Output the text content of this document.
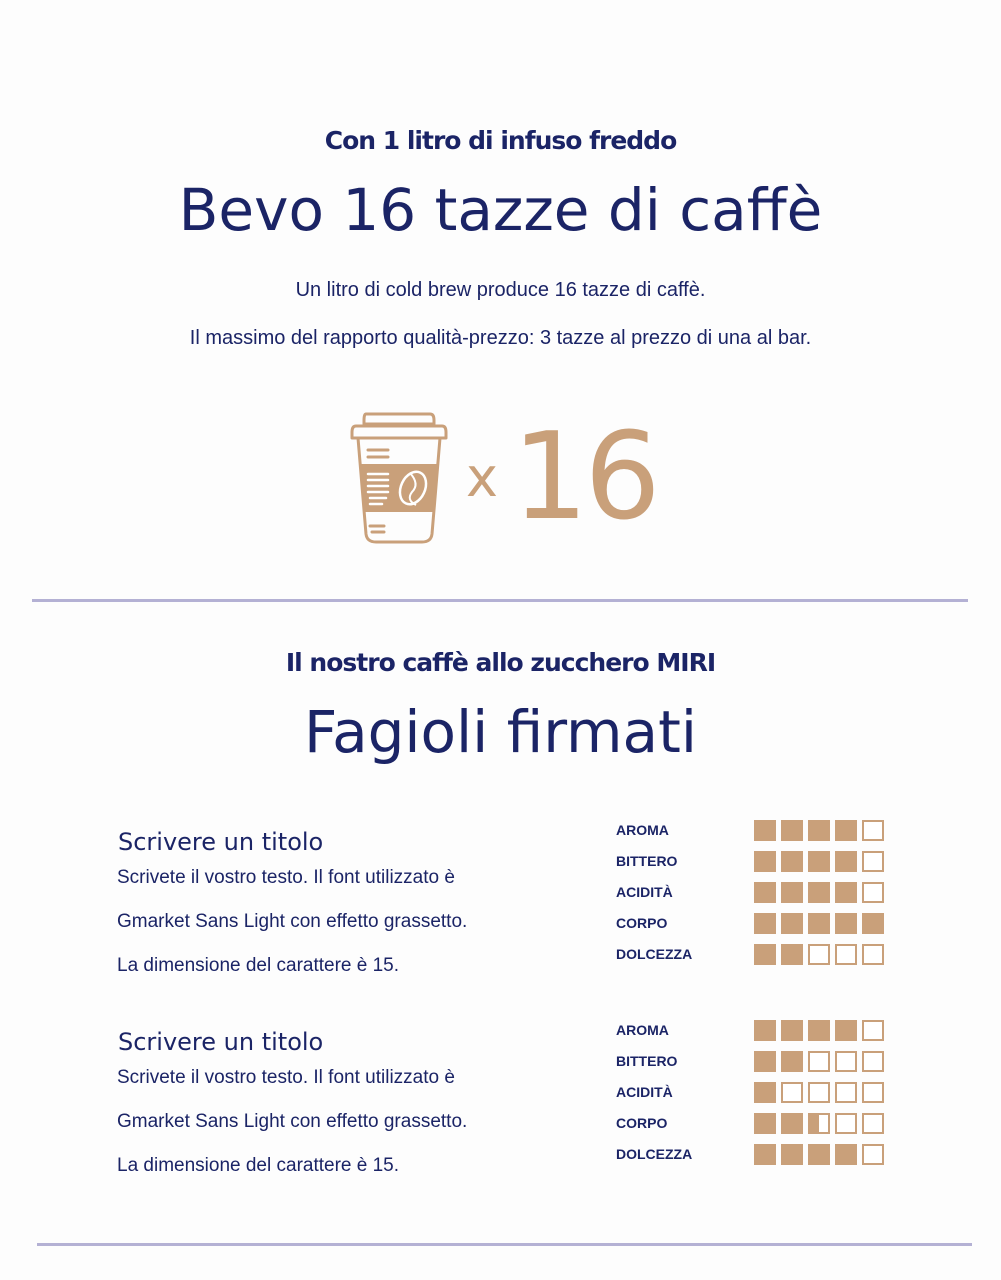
Con 1 litro di infuso freddo
Bevo 16 tazze di caffè
Un litro di cold brew produce 16 tazze di caffè.
Il massimo del rapporto qualità-prezzo: 3 tazze al prezzo di una al bar.
x 16
Il nostro caffè allo zucchero MIRI
Fagioli firmati
Scrivere un titolo
Scrivete il vostro testo. Il font utilizzato è
Gmarket Sans Light con effetto grassetto.
La dimensione del carattere è 15.
AROMA
BITTERO
ACIDITÀ
CORPO
DOLCEZZA
Scrivere un titolo
Scrivete il vostro testo. Il font utilizzato è
Gmarket Sans Light con effetto grassetto.
La dimensione del carattere è 15.
AROMA
BITTERO
ACIDITÀ
CORPO
DOLCEZZA
